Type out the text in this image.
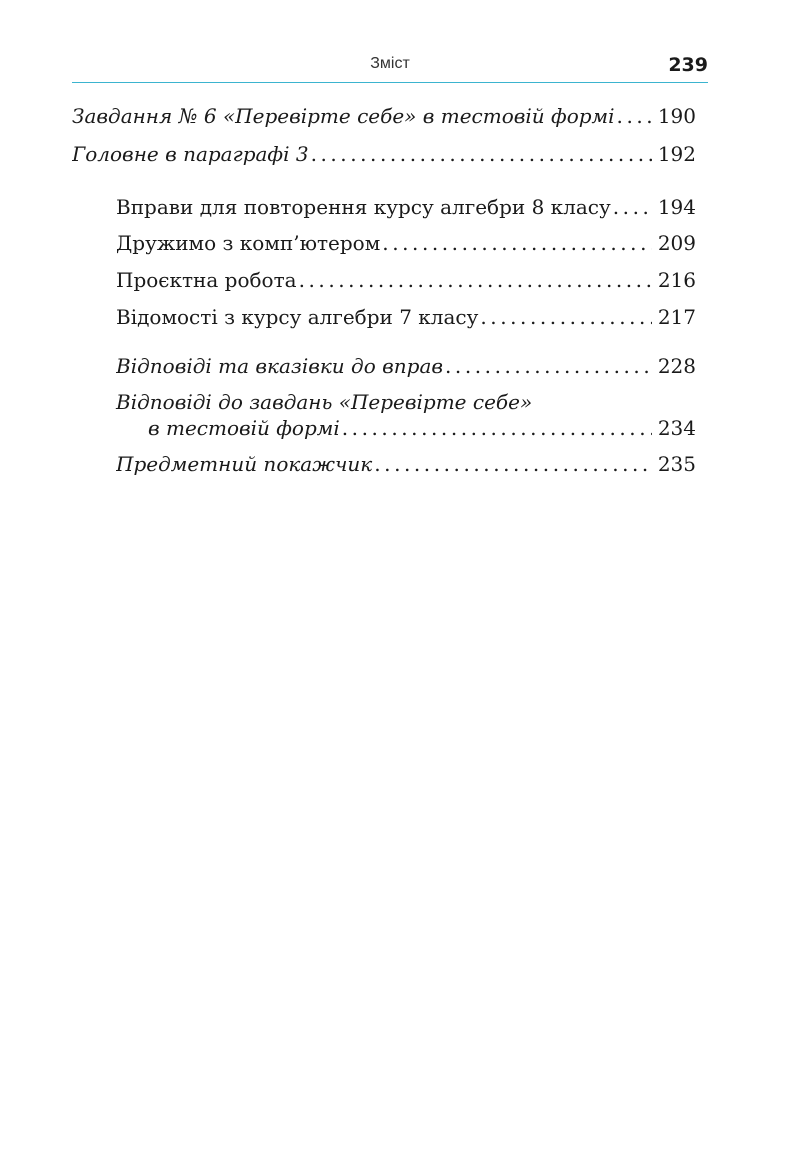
Зміст	239
Завдання № 6 «Перевірте себе» в тестовій формі . . . 190
Головне в параграфі 3 . . .	192
Вправи для повторення курсу алгебри 8 класу . . . 194
Дружимо з комп’ютером . . .	209
Проєктна робота . . .	216
Відомості з курсу алгебри 7 класу . . .	217
Відповіді та вказівки до вправ . . .	228
Відповіді до завдань «Перевірте себе»
в тестовій формі . . .	234
Предметний покажчик . . .	235
